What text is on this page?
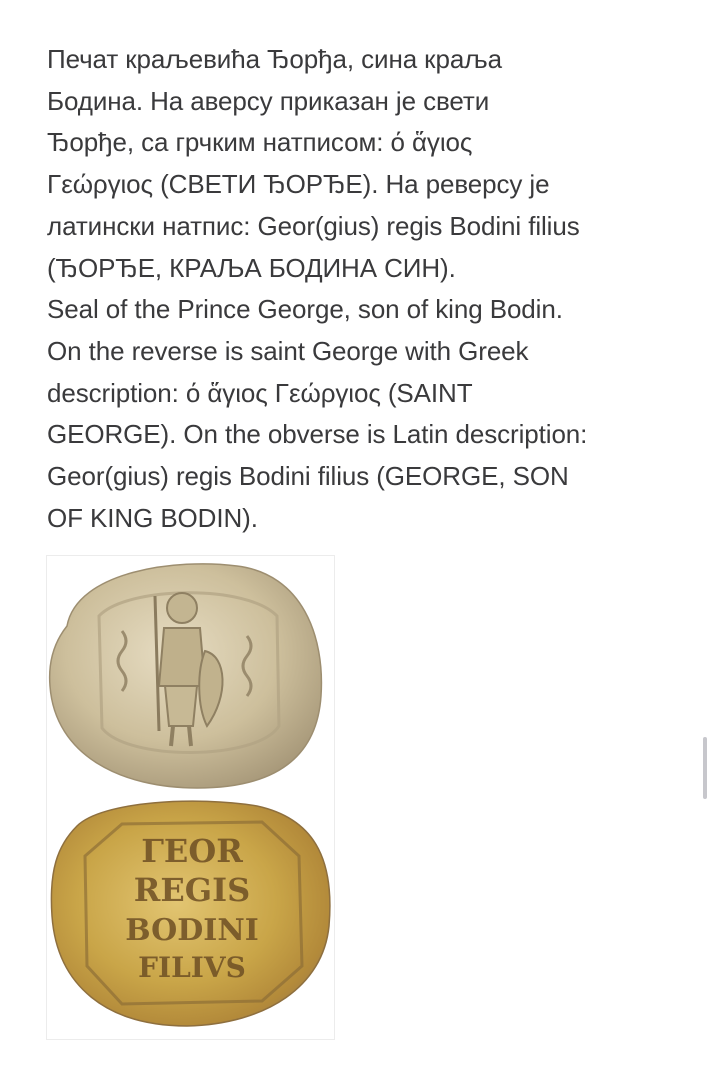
Печат краљевића Ђорђа, сина краља
Бодина. На аверсу приказан је свети
Ђорђе, са грчким натписом: ό ἅγιος
Γεώργιος (СВЕТИ ЂОРЂЕ). На реверсу је
латински натпис: Geor(gius) regis Bodini filius
(ЂОРЂЕ, КРАЉА БОДИНА СИН).

Seal of the Prince George, son of king Bodin.
On the reverse is saint George with Greek
description: ό ἅγιος Γεώργιος (SAINT
GEORGE). On the obverse is Latin description:
Geor(gius) regis Bodini filius (GEORGE, SON
OF KING BODIN).

ΓΕΟR
REGIS
BODINI
FILIVS
